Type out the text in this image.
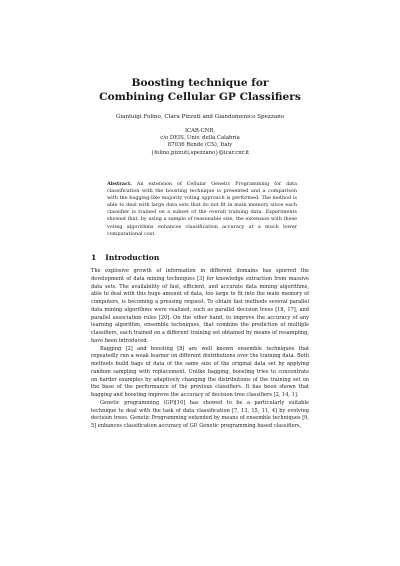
Boosting technique for
Combining Cellular GP Classifiers
Gianluigi Folino, Clara Pizzuti and Giandomenico Spezzano
ICAR-CNR,
c/o DEIS, Univ. della Calabria
87036 Rende (CS), Italy
{folino,pizzuti,spezzano}@icar.cnr.it
Abstract. An extension of Cellular Genetic Programming for data classification with the boosting technique is presented and a comparison with the bagging-like majority voting approach is performed. The method is able to deal with large data sets that do not fit in main memory since each classifier is trained on a subset of the overall training data. Experiments showed that, by using a sample of reasonable size, the extension with these voting algorithms enhances classification accuracy at a much lower computational cost.
1 Introduction

The explosive growth of information in different domains has spurred the development of data mining techniques [3] for knowledge extraction from massive data sets. The availability of fast, efficient, and accurate data mining algorithms, able to deal with this huge amount of data, too large to fit into the main memory of computers, is becoming a pressing request. To obtain fast methods several parallel data mining algorithms were realized, such as parallel decision trees [18, 17], and parallel association rules [20]. On the other hand, to improve the accuracy of any learning algorithm, ensemble techniques, that combine the prediction of multiple classifiers, each trained on a different training set obtained by means of resampling, have been introduced.

Bagging [2] and boosting [8] are well known ensemble techniques that repeatedly run a weak learner on different distributions over the training data. Both methods build bags of data of the same size of the original data set by applying random sampling with replacement. Unlike bagging, boosting tries to concentrate on harder examples by adaptively changing the distributions of the training set on the base of the performance of the previous classifiers. It has been shown that bagging and boosting improve the accuracy of decision tree classifiers [2, 14, 1].

Genetic programming (GP)[10] has showed to be a particularly suitable technique to deal with the task of data classification [7, 13, 15, 11, 4] by evolving decision trees. Genetic Programming extended by means of ensemble techniques [9, 5] enhances classification accuracy of GP. Genetic programming based classifiers,
